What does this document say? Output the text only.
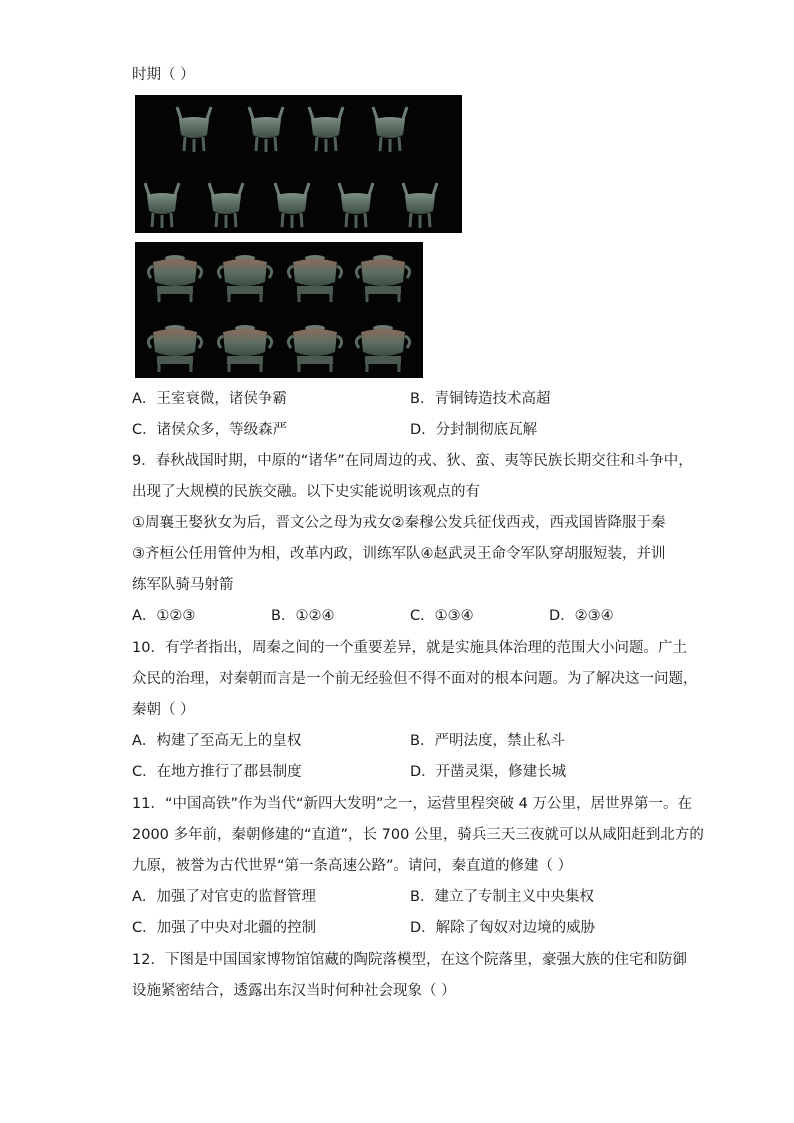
时期（ ）
A．王室衰微，诸侯争霸	B．青铜铸造技术高超
C．诸侯众多，等级森严	D．分封制彻底瓦解
9．春秋战国时期，中原的“诸华”在同周边的戎、狄、蛮、夷等民族长期交往和斗争中，
出现了大规模的民族交融。以下史实能说明该观点的有
①周襄王娶狄女为后，晋文公之母为戎女②秦穆公发兵征伐西戎，西戎国皆降服于秦
③齐桓公任用管仲为相，改革内政，训练军队④赵武灵王命令军队穿胡服短装，并训
练军队骑马射箭
A．①②③	B．①②④	C．①③④	D．②③④
10．有学者指出，周秦之间的一个重要差异，就是实施具体治理的范围大小问题。广土
众民的治理，对秦朝而言是一个前无经验但不得不面对的根本问题。为了解决这一问题，
秦朝（ ）
A．构建了至高无上的皇权	B．严明法度，禁止私斗
C．在地方推行了郡县制度	D．开凿灵渠，修建长城
11．“中国高铁”作为当代“新四大发明”之一，运营里程突破 4 万公里，居世界第一。在
2000 多年前，秦朝修建的“直道”，长 700 公里，骑兵三天三夜就可以从咸阳赶到北方的
九原，被誉为古代世界“第一条高速公路”。请问，秦直道的修建（ ）
A．加强了对官吏的监督管理	B．建立了专制主义中央集权
C．加强了中央对北疆的控制	D．解除了匈奴对边境的威胁
12．下图是中国国家博物馆馆藏的陶院落模型，在这个院落里，豪强大族的住宅和防御
设施紧密结合，透露出东汉当时何种社会现象（ ）
